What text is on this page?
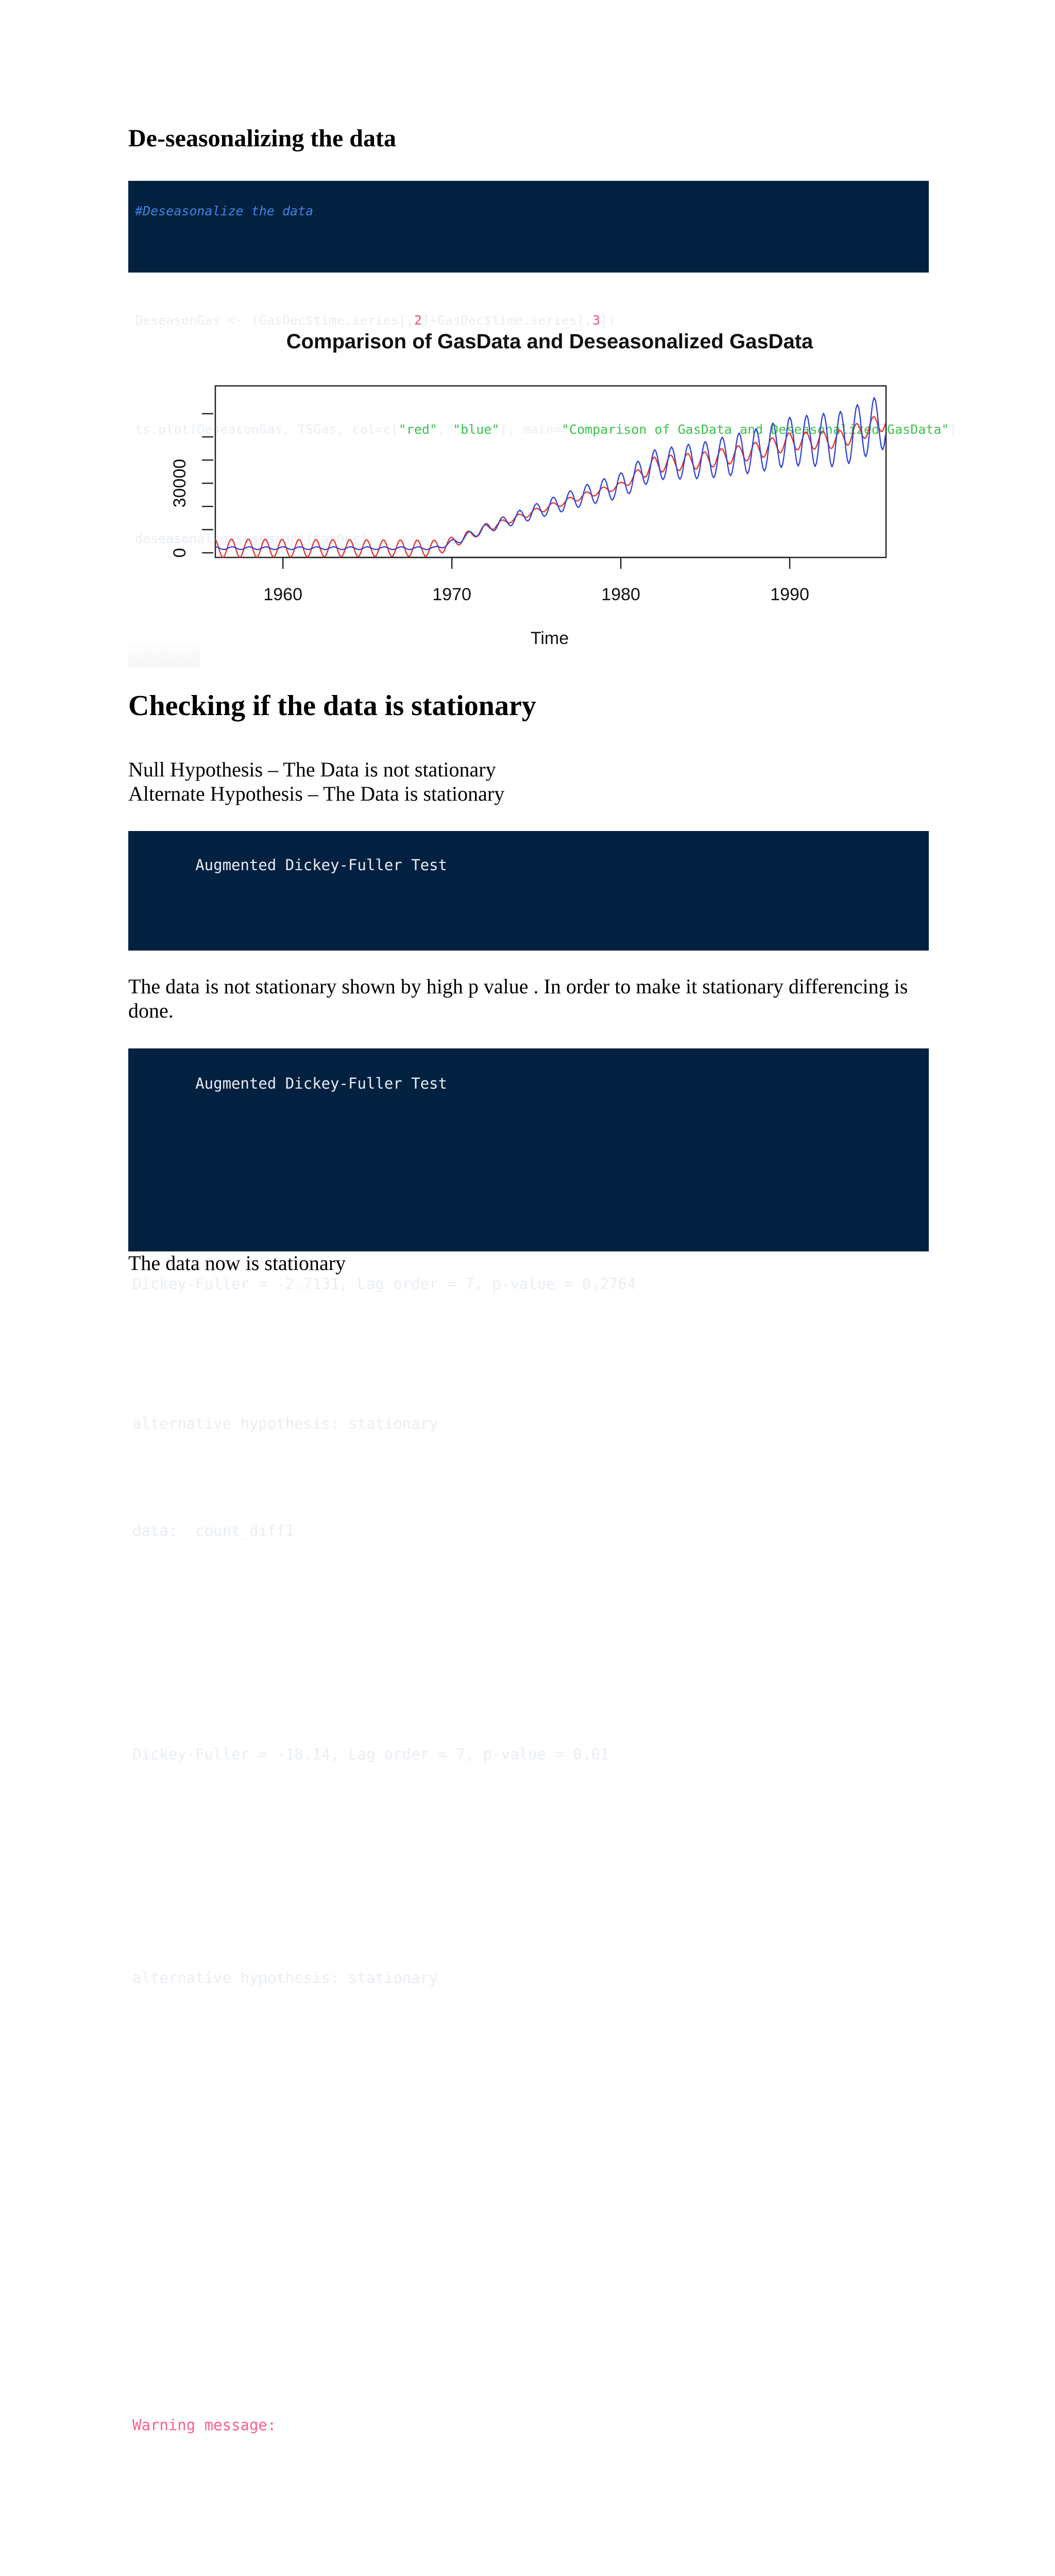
De-seasonalizing the data

#Deseasonalize the data

DeseasonGas <- (GasDec$time.series[,2]+GasDec$time.series[,3])

ts.plot(DeseasonGas, TSGas, col=c("red", "blue"), main="Comparison of GasData and Deseasonalized GasData")

deseasonal_gas=seasadj(GasDec)

Comparison of GasData and Deseasonalized GasData
1960	1970	1980	1990
0
30000
Time
Checking if the data is stationary

Null Hypothesis – The Data is not stationary

Alternate Hypothesis – The Data is stationary

Augmented Dickey-Fuller Test

Dickey-Fuller = -2.7131, Lag order = 7, p-value = 0.2764

alternative hypothesis: stationary

The data is not stationary shown by high p value . In order to make it stationary differencing is done.

Augmented Dickey-Fuller Test

data:  count_diff1

Dickey-Fuller = -18.14, Lag order = 7, p-value = 0.01

alternative hypothesis: stationary

Warning message:

The data now is stationary
